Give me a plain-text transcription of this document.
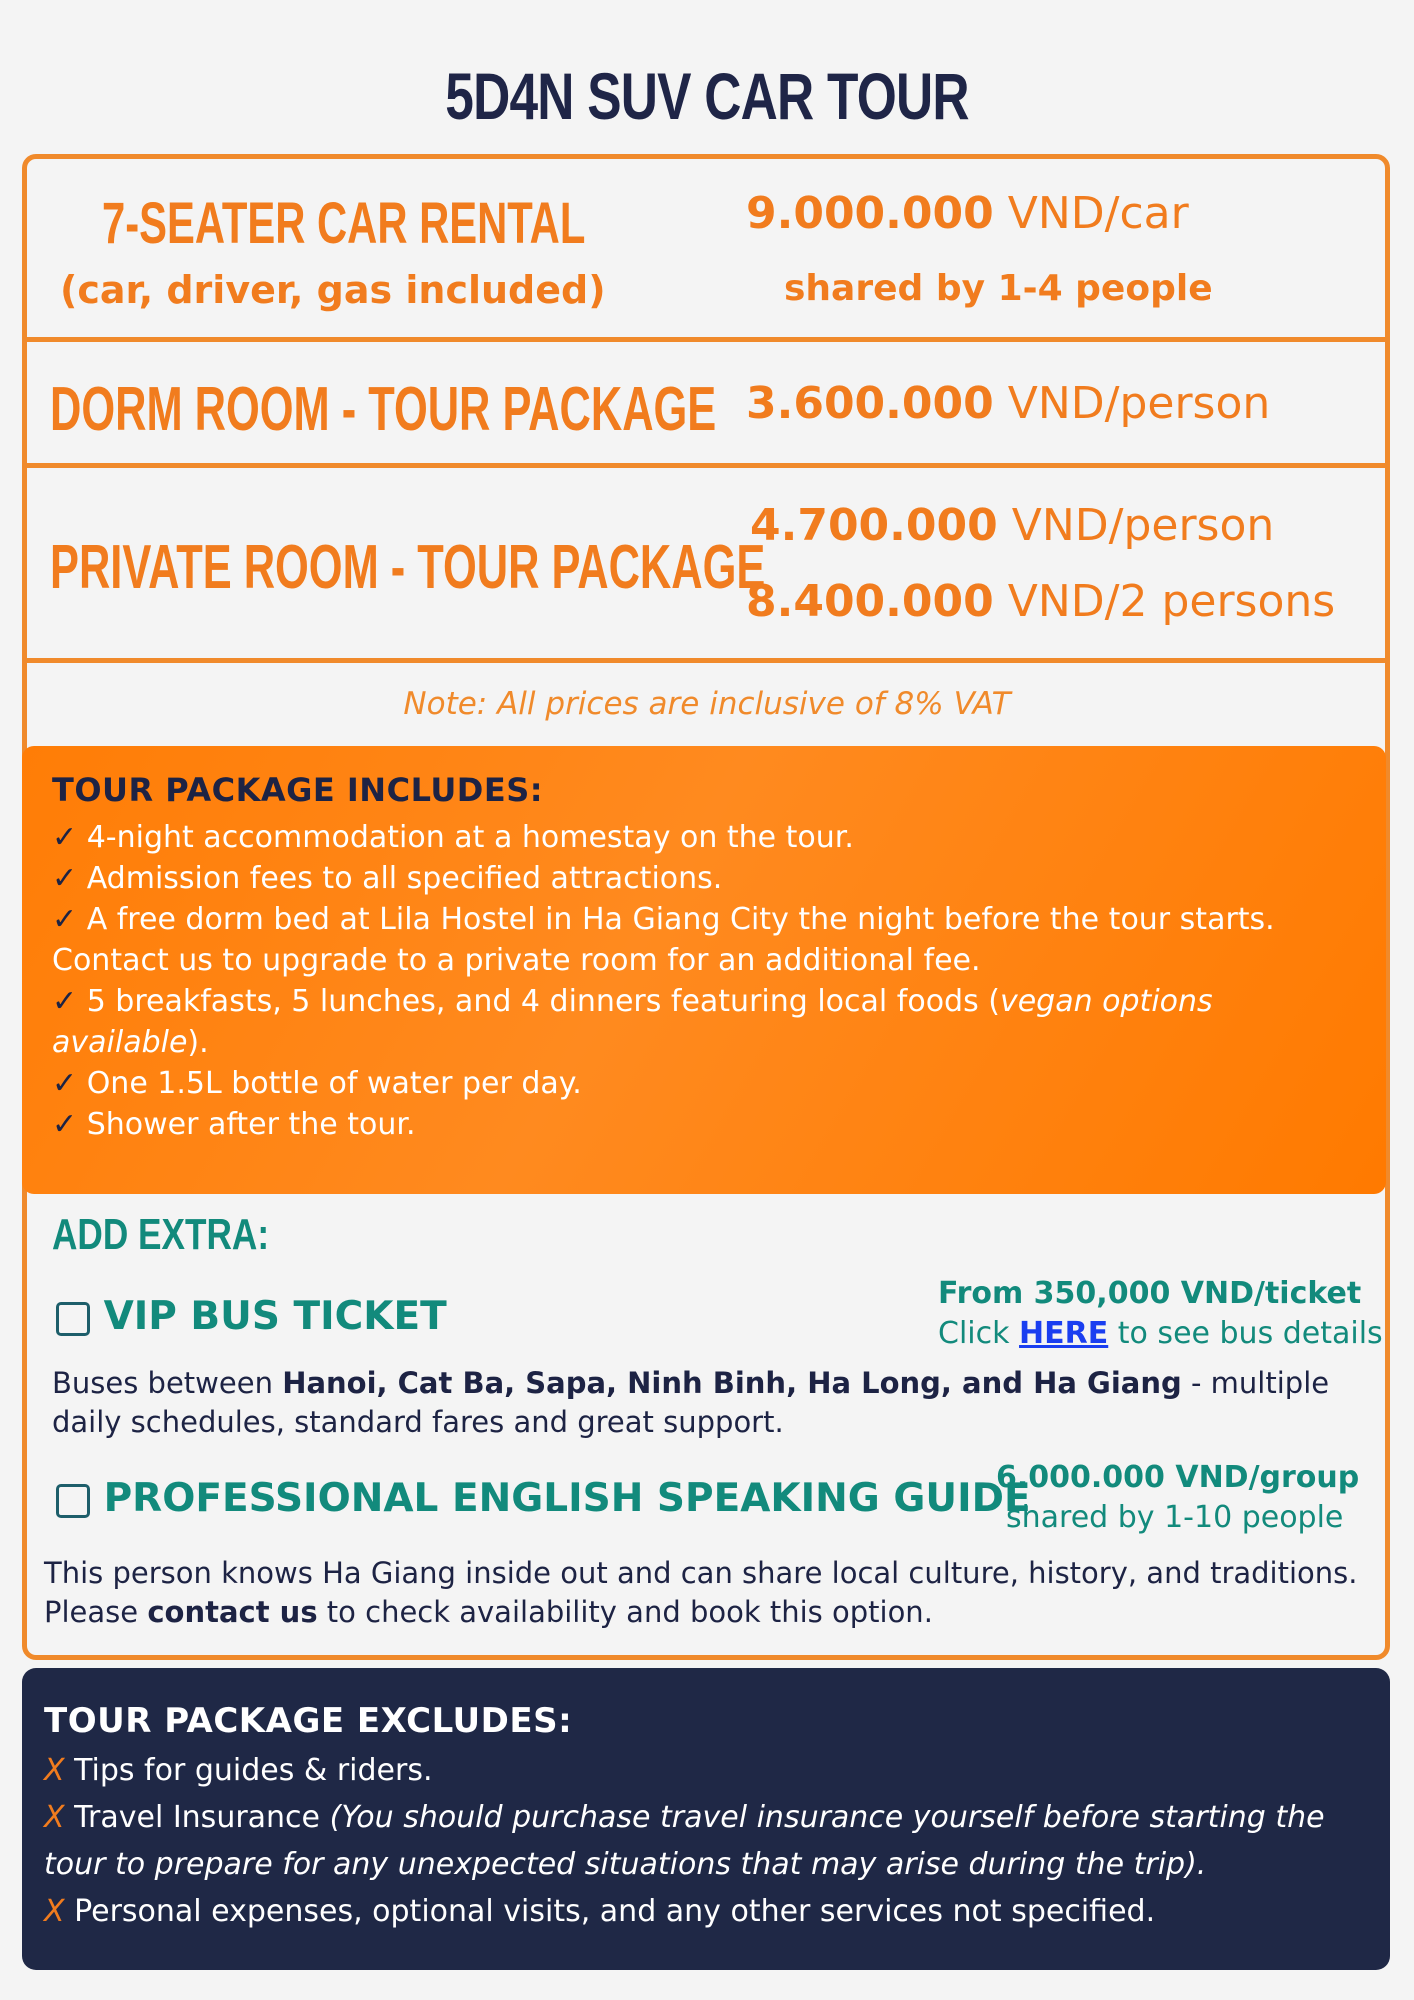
5D4N SUV CAR TOUR
7-SEATER CAR RENTAL
(car, driver, gas included)
9.000.000 VND/car
shared by 1-4 people
DORM ROOM - TOUR PACKAGE 3.600.000 VND/person
PRIVATE ROOM - TOUR PACKAGE
4.700.000 VND/person
8.400.000 VND/2 persons
Note: All prices are inclusive of 8% VAT
TOUR PACKAGE INCLUDES:

✓ 4-night accommodation at a homestay on the tour.

✓ Admission fees to all specified attractions.

✓ A free dorm bed at Lila Hostel in Ha Giang City the night before the tour starts. Contact us to upgrade to a private room for an additional fee.

✓ 5 breakfasts, 5 lunches, and 4 dinners featuring local foods (vegan options available).

✓ One 1.5L bottle of water per day.

✓ Shower after the tour.

ADD EXTRA:
VIP BUS TICKET
From 350,000 VND/ticket
Click HERE to see bus details
Buses between Hanoi, Cat Ba, Sapa, Ninh Binh, Ha Long, and Ha Giang - multiple daily schedules, standard fares and great support.
PROFESSIONAL ENGLISH SPEAKING GUIDE
6.000.000 VND/group
shared by 1-10 people
This person knows Ha Giang inside out and can share local culture, history, and traditions. Please contact us to check availability and book this option.
TOUR PACKAGE EXCLUDES:

X Tips for guides & riders.

X Travel Insurance (You should purchase travel insurance yourself before starting the tour to prepare for any unexpected situations that may arise during the trip).

X Personal expenses, optional visits, and any other services not specified.
